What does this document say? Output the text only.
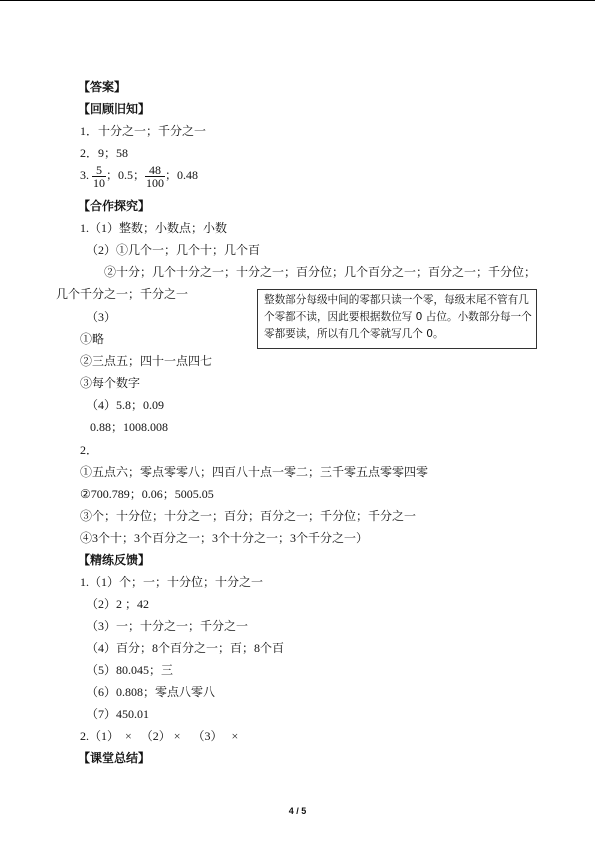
【答案】
【回顾旧知】
1．十分之一；千分之一
2．9；58
3. $\frac{5}{10}$ ；0.5； $\frac{48}{100}$ ；0.48
【合作探究】
1.（1）整数；小数点；小数
（2）①几个一；几个十；几个百
②十分；几个十分之一；十分之一；百分位；几个百分之一；百分之一；千分位；
几个千分之一；千分之一
（3）
①略
②三点五；四十一点四七
③每个数字
（4）5.8；0.09
0.88；1008.008
2．
①五点六；零点零零八；四百八十点一零二；三千零五点零零四零
②700.789；0.06；5005.05
③个；十分位；十分之一；百分；百分之一；千分位；千分之一
④3个十；3个百分之一；3个十分之一；3个千分之一）
整数部分每级中间的零都只读一个零，每级末尾不管有几
个零都不读，因此要根据数位写 0 占位。小数部分每一个
零都要读，所以有几个零就写几个 0。
【精练反馈】
1.（1）个；一；十分位；十分之一
（2）2 ；42
（3）一；十分之一；千分之一
（4）百分；8个百分之一；百；8个百
（5）80.045；三
（6）0.808；零点八零八
（7）450.01
2.（1）  ×   （2） ×    （3）   ×
【课堂总结】
4 / 5
